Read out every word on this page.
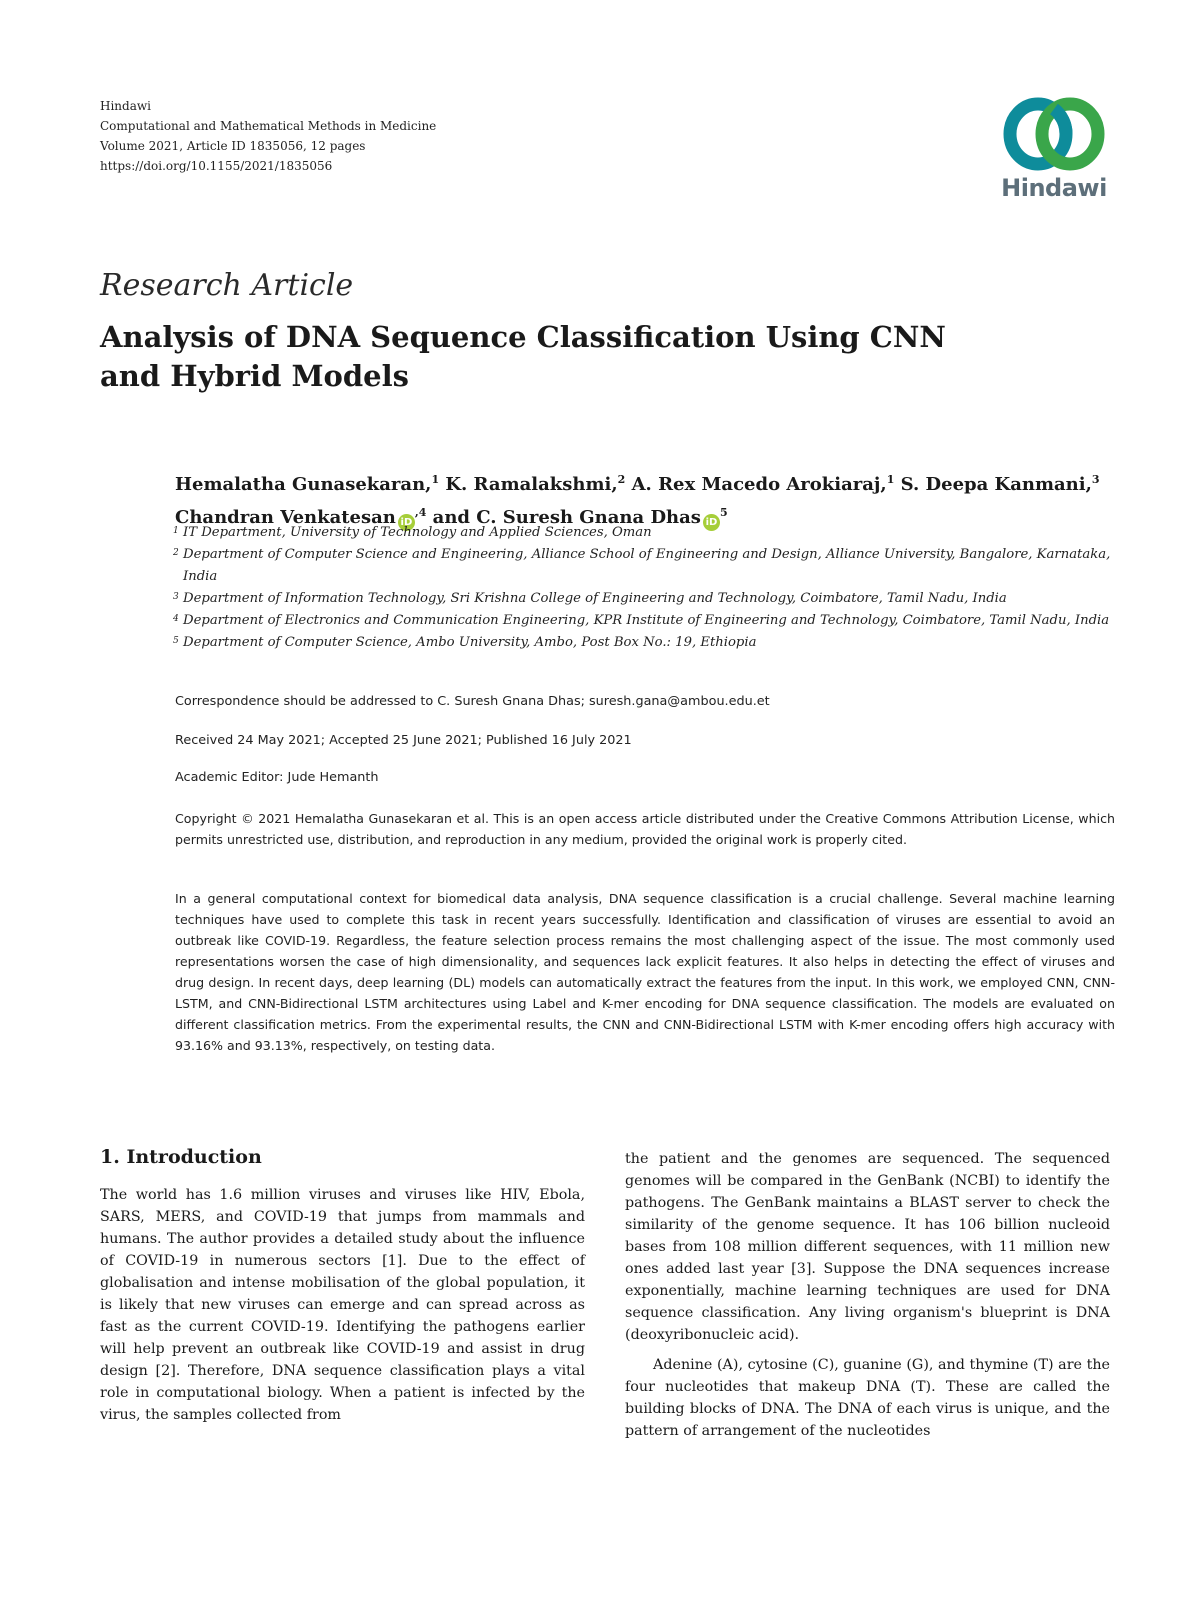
Hindawi
Computational and Mathematical Methods in Medicine
Volume 2021, Article ID 1835056, 12 pages
https://doi.org/10.1155/2021/1835056
Hindawi
Research Article
Analysis of DNA Sequence Classification Using CNN and Hybrid Models
Hemalatha Gunasekaran,$^1$ K. Ramalakshmi,$^2$ A. Rex Macedo Arokiaraj,$^1$ S. Deepa Kanmani,$^3$
Chandran Venkatesan $iD^{,4}$ and C. Suresh Gnana Dhas $iD^5$
1 IT Department, University of Technology and Applied Sciences, Oman
2 Department of Computer Science and Engineering, Alliance School of Engineering and Design, Alliance University, Bangalore, Karnataka, India
3 Department of Information Technology, Sri Krishna College of Engineering and Technology, Coimbatore, Tamil Nadu, India
4 Department of Electronics and Communication Engineering, KPR Institute of Engineering and Technology, Coimbatore, Tamil Nadu, India
5 Department of Computer Science, Ambo University, Ambo, Post Box No.: 19, Ethiopia
Correspondence should be addressed to C. Suresh Gnana Dhas; suresh.gana@ambou.edu.et
Received 24 May 2021; Accepted 25 June 2021; Published 16 July 2021
Academic Editor: Jude Hemanth
Copyright © 2021 Hemalatha Gunasekaran et al. This is an open access article distributed under the Creative Commons Attribution License, which permits unrestricted use, distribution, and reproduction in any medium, provided the original work is properly cited.
In a general computational context for biomedical data analysis, DNA sequence classification is a crucial challenge. Several machine learning techniques have used to complete this task in recent years successfully. Identification and classification of viruses are essential to avoid an outbreak like COVID-19. Regardless, the feature selection process remains the most challenging aspect of the issue. The most commonly used representations worsen the case of high dimensionality, and sequences lack explicit features. It also helps in detecting the effect of viruses and drug design. In recent days, deep learning (DL) models can automatically extract the features from the input. In this work, we employed CNN, CNN-LSTM, and CNN-Bidirectional LSTM architectures using Label and K-mer encoding for DNA sequence classification. The models are evaluated on different classification metrics. From the experimental results, the CNN and CNN-Bidirectional LSTM with K-mer encoding offers high accuracy with 93.16% and 93.13%, respectively, on testing data.
1. Introduction

The world has 1.6 million viruses and viruses like HIV, Ebola, SARS, MERS, and COVID-19 that jumps from mammals and humans. The author provides a detailed study about the influence of COVID-19 in numerous sectors [1]. Due to the effect of globalisation and intense mobilisation of the global population, it is likely that new viruses can emerge and can spread across as fast as the current COVID-19. Identifying the pathogens earlier will help prevent an outbreak like COVID-19 and assist in drug design [2]. Therefore, DNA sequence classification plays a vital role in computational biology. When a patient is infected by the virus, the samples collected from

the patient and the genomes are sequenced. The sequenced genomes will be compared in the GenBank (NCBI) to identify the pathogens. The GenBank maintains a BLAST server to check the similarity of the genome sequence. It has 106 billion nucleoid bases from 108 million different sequences, with 11 million new ones added last year [3]. Suppose the DNA sequences increase exponentially, machine learning techniques are used for DNA sequence classification. Any living organism's blueprint is DNA (deoxyribonucleic acid).

Adenine (A), cytosine (C), guanine (G), and thymine (T) are the four nucleotides that makeup DNA (T). These are called the building blocks of DNA. The DNA of each virus is unique, and the pattern of arrangement of the nucleotides
